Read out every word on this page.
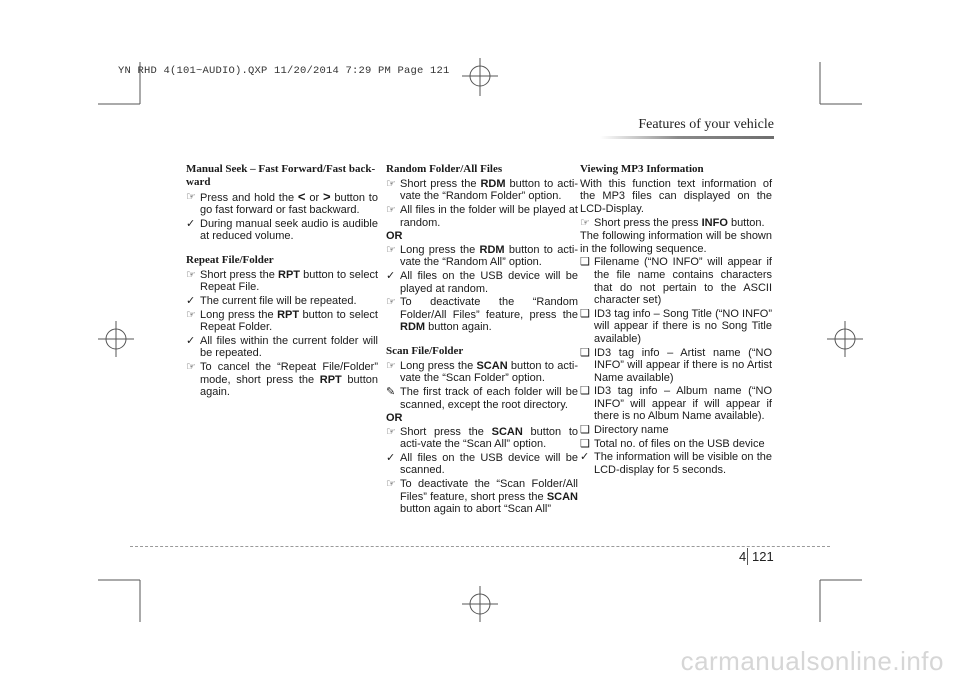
YN RHD 4(101~AUDIO).QXP 11/20/2014 7:29 PM Page 121
Features of your vehicle
Manual Seek – Fast Forward/Fast back-ward
☞ Press and hold the < or > button to go fast forward or fast backward.
✓ During manual seek audio is audible at reduced volume.
Repeat File/Folder
☞ Short press the RPT button to select Repeat File.
✓ The current file will be repeated.
☞ Long press the RPT button to select Repeat Folder.
✓ All files within the current folder will be repeated.
☞ To cancel the “Repeat File/Folder” mode, short press the RPT button again.
Random Folder/All Files
☞ Short press the RDM button to acti-vate the “Random Folder” option.
☞ All files in the folder will be played at random.
OR
☞ Long press the RDM button to acti-vate the “Random All” option.
✓ All files on the USB device will be played at random.
☞ To deactivate the “Random Folder/All Files” feature, press the RDM button again.
Scan File/Folder
☞ Long press the SCAN button to acti-vate the “Scan Folder” option.
✎ The first track of each folder will be scanned, except the root directory.
OR
☞ Short press the SCAN button to acti-vate the “Scan All” option.
✓ All files on the USB device will be scanned.
☞ To deactivate the “Scan Folder/All Files” feature, short press the SCAN button again to abort “Scan All”
Viewing MP3 Information
With this function text information of the MP3 files can displayed on the LCD-Display.
☞ Short press the press INFO button.
The following information will be shown in the following sequence.
❑ Filename (“NO INFO” will appear if the file name contains characters that do not pertain to the ASCII character set)
❑ ID3 tag info – Song Title (“NO INFO” will appear if there is no Song Title available)
❑ ID3 tag info – Artist name (“NO INFO” will appear if there is no Artist Name available)
❑ ID3 tag info – Album name (“NO INFO” will appear if will appear if there is no Album Name available).
❑ Directory name
❑ Total no. of files on the USB device
✓ The information will be visible on the LCD-display for 5 seconds.
4 121
carmanualsonline.info
